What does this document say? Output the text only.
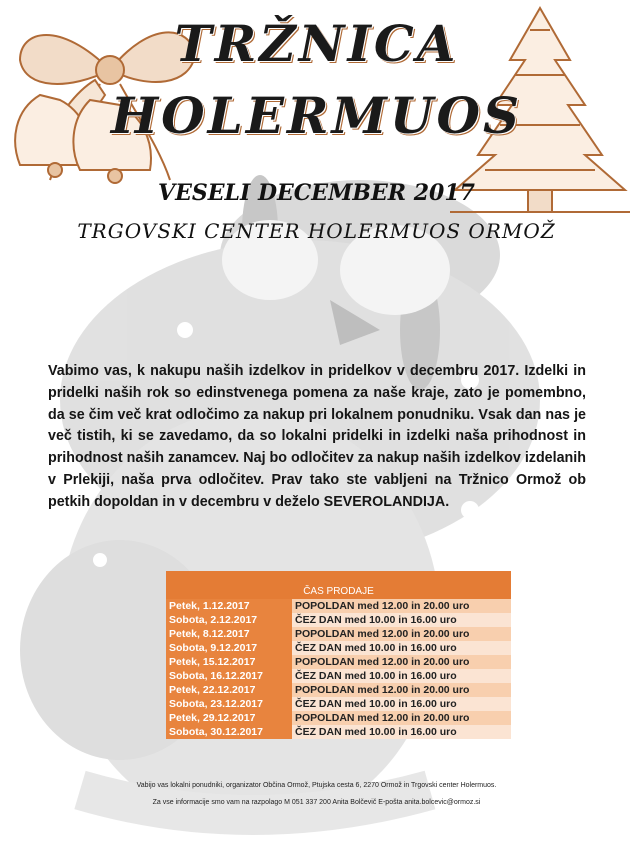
TRŽNICA
HOLERMUOS
VESELI DECEMBER 2017
TRGOVSKI CENTER HOLERMUOS ORMOŽ
Vabimo vas, k nakupu naših izdelkov in pridelkov v decembru 2017. Izdelki in pridelki naših rok so edinstvenega pomena za naše kraje, zato je pomembno, da se čim več krat odločimo za nakup pri lokalnem ponudniku. Vsak dan nas je več tistih, ki se zavedamo, da so lokalni pridelki in izdelki naša prihodnost in prihodnost naših zanamcev. Naj bo odločitev za nakup naših izdelkov izdelanih v Prlekiji, naša prva odločitev. Prav tako ste vabljeni na Tržnico Ormož ob petkih dopoldan in v decembru v deželo SEVEROLANDIJA.
ČAS PRODAJE	
Petek, 1.12.2017	POPOLDAN med 12.00 in 20.00 uro
Sobota, 2.12.2017	ČEZ DAN med 10.00 in 16.00 uro
Petek, 8.12.2017	POPOLDAN med 12.00 in 20.00 uro
Sobota, 9.12.2017	ČEZ DAN med 10.00 in 16.00 uro
Petek, 15.12.2017	POPOLDAN med 12.00 in 20.00 uro
Sobota, 16.12.2017	ČEZ DAN med 10.00 in 16.00 uro
Petek, 22.12.2017	POPOLDAN med 12.00 in 20.00 uro
Sobota, 23.12.2017	ČEZ DAN med 10.00 in 16.00 uro
Petek, 29.12.2017	POPOLDAN med 12.00 in 20.00 uro
Sobota, 30.12.2017	ČEZ DAN med 10.00 in 16.00 uro
Vabijo vas lokalni ponudniki, organizator Občina Ormož, Ptujska cesta 6, 2270 Ormož in Trgovski center Holermuos.
Za vse informacije smo vam na razpolago M 051 337 200 Anita Bolčevič E-pošta anita.bolcevic@ormoz.si
